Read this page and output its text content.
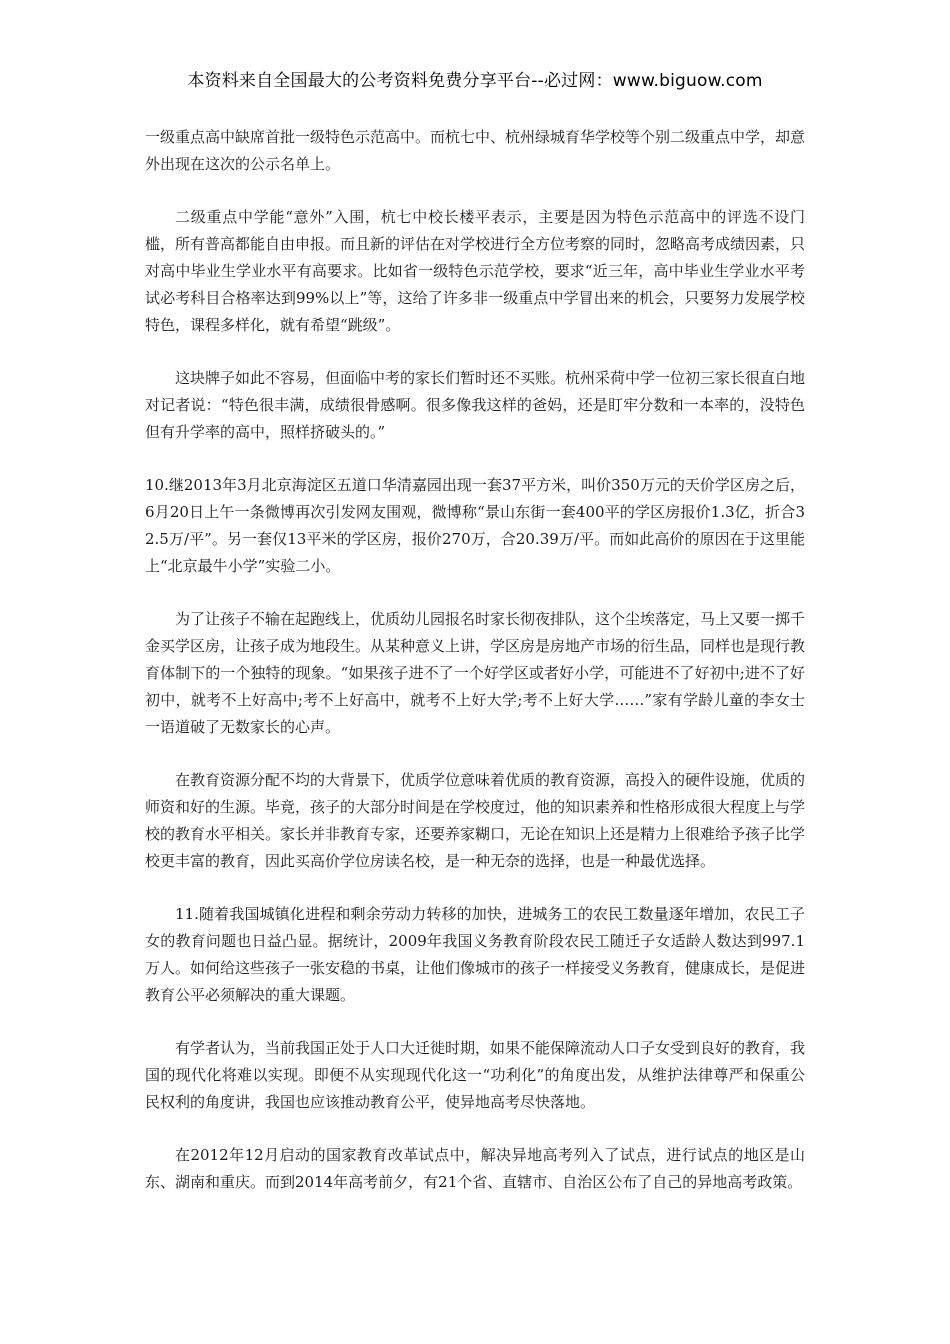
本资料来自全国最大的公考资料免费分享平台--必过网：www.biguow.com

一级重点高中缺席首批一级特色示范高中。而杭七中、杭州绿城育华学校等个别二级重点中学，却意外出现在这次的公示名单上。

二级重点中学能“意外”入围，杭七中校长楼平表示，主要是因为特色示范高中的评选不设门槛，所有普高都能自由申报。而且新的评估在对学校进行全方位考察的同时，忽略高考成绩因素，只对高中毕业生学业水平有高要求。比如省一级特色示范学校，要求“近三年，高中毕业生学业水平考试必考科目合格率达到99%以上”等，这给了许多非一级重点中学冒出来的机会，只要努力发展学校特色，课程多样化，就有希望“跳级”。

这块牌子如此不容易，但面临中考的家长们暂时还不买账。杭州采荷中学一位初三家长很直白地对记者说：“特色很丰满，成绩很骨感啊。很多像我这样的爸妈，还是盯牢分数和一本率的，没特色但有升学率的高中，照样挤破头的。”

10.继2013年3月北京海淀区五道口华清嘉园出现一套37平方米，叫价350万元的天价学区房之后，6月20日上午一条微博再次引发网友围观，微博称“景山东街一套400平的学区房报价1.3亿，折合32.5万/平”。另一套仅13平米的学区房，报价270万，合20.39万/平。而如此高价的原因在于这里能上“北京最牛小学”实验二小。

为了让孩子不输在起跑线上，优质幼儿园报名时家长彻夜排队，这个尘埃落定，马上又要一掷千金买学区房，让孩子成为地段生。从某种意义上讲，学区房是房地产市场的衍生品，同样也是现行教育体制下的一个独特的现象。“如果孩子进不了一个好学区或者好小学，可能进不了好初中;进不了好初中，就考不上好高中;考不上好高中，就考不上好大学;考不上好大学……”家有学龄儿童的李女士一语道破了无数家长的心声。

在教育资源分配不均的大背景下，优质学位意味着优质的教育资源，高投入的硬件设施，优质的师资和好的生源。毕竟，孩子的大部分时间是在学校度过，他的知识素养和性格形成很大程度上与学校的教育水平相关。家长并非教育专家，还要养家糊口，无论在知识上还是精力上很难给予孩子比学校更丰富的教育，因此买高价学位房读名校，是一种无奈的选择，也是一种最优选择。

11.随着我国城镇化进程和剩余劳动力转移的加快，进城务工的农民工数量逐年增加，农民工子女的教育问题也日益凸显。据统计，2009年我国义务教育阶段农民工随迁子女适龄人数达到997.1万人。如何给这些孩子一张安稳的书桌，让他们像城市的孩子一样接受义务教育，健康成长，是促进教育公平必须解决的重大课题。

有学者认为，当前我国正处于人口大迁徙时期，如果不能保障流动人口子女受到良好的教育，我国的现代化将难以实现。即便不从实现现代化这一“功利化”的角度出发，从维护法律尊严和保重公民权利的角度讲，我国也应该推动教育公平，使异地高考尽快落地。

在2012年12月启动的国家教育改革试点中，解决异地高考列入了试点，进行试点的地区是山东、湖南和重庆。而到2014年高考前夕，有21个省、直辖市、自治区公布了自己的异地高考政策。
